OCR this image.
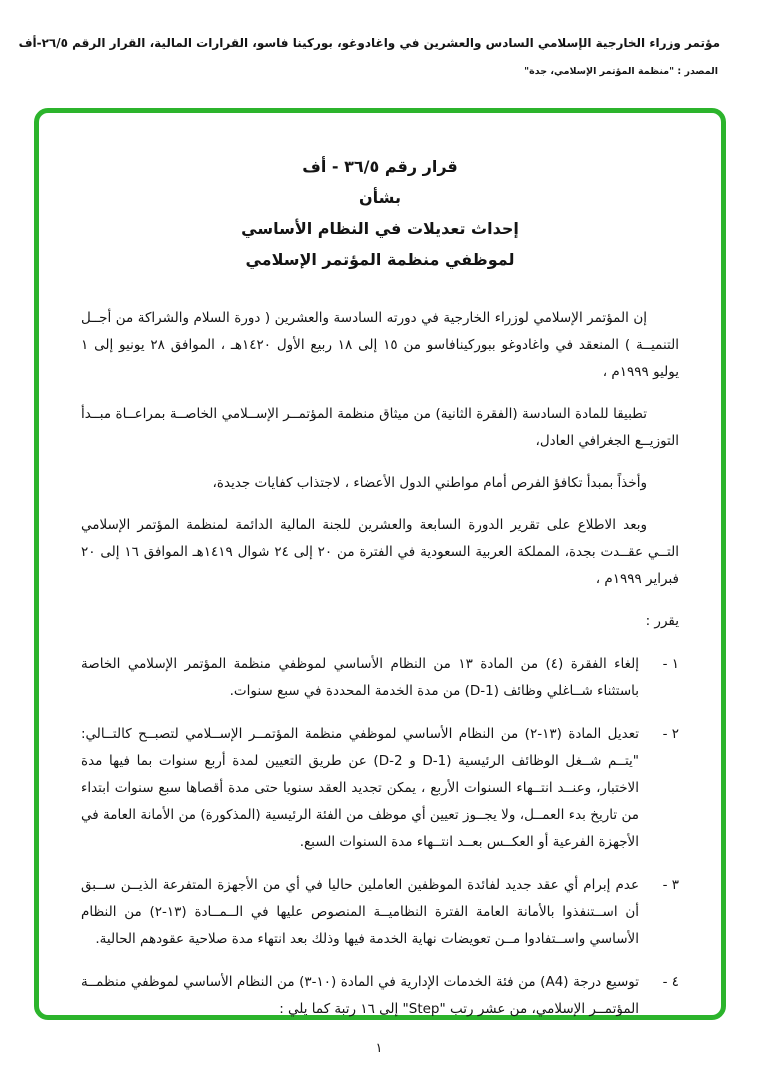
مؤتمر وزراء الخارجية الإسلامي السادس والعشرين في واغادوغو، بوركينا فاسو، القرارات المالية، القرار الرقم ٢٦/٥-أف
المصدر : "منظمة المؤتمر الإسلامي، جدة"
قرار رقم ٣٦/٥ - أف
بشأن
إحداث تعديلات في النظام الأساسي
لموظفي منظمة المؤتمر الإسلامي

إن المؤتمر الإسلامي لوزراء الخارجية في دورته السادسة والعشرين ( دورة السلام والشراكة من أجــل التنميــة ) المنعقد في واغادوغو ببوركينافاسو من ١٥ إلى ١٨ ربيع الأول ١٤٢٠هـ ، الموافق ٢٨ يونيو إلى ١ يوليو ١٩٩٩م ،

تطبيقا للمادة السادسة (الفقرة الثانية) من ميثاق منظمة المؤتمــر الإســلامي الخاصــة بمراعــاة مبــدأ التوزيــع الجغرافي العادل،

وأخذاً بمبدأ تكافؤ الفرص أمام مواطني الدول الأعضاء ، لاجتذاب كفايات جديدة،

وبعد الاطلاع على تقرير الدورة السابعة والعشرين للجنة المالية الدائمة لمنظمة المؤتمر الإسلامي التــي عقــدت بجدة، المملكة العربية السعودية في الفترة من ٢٠ إلى ٢٤ شوال ١٤١٩هـ الموافق ١٦ إلى ٢٠ فبراير ١٩٩٩م ،

يقرر :

١ -
إلغاء الفقرة (٤) من المادة ١٣ من النظام الأساسي لموظفي منظمة المؤتمر الإسلامي الخاصة باستثناء شــاغلي وظائف (D-1) من مدة الخدمة المحددة في سبع سنوات.
٢ -
تعديل المادة (١٣-٢) من النظام الأساسي لموظفي منظمة المؤتمــر الإســلامي لتصبــح كالتــالي: "يتــم شــغل الوظائف الرئيسية (D-1 و D-2) عن طريق التعيين لمدة أربع سنوات بما فيها مدة الاختبار، وعنــد انتــهاء السنوات الأربع ، يمكن تجديد العقد سنويا حتى مدة أقصاها سبع سنوات ابتداء من تاريخ بدء العمــل، ولا يجــوز تعيين أي موظف من الفئة الرئيسية (المذكورة) من الأمانة العامة في الأجهزة الفرعية أو العكــس بعــد انتــهاء مدة السنوات السبع.
٣ -
عدم إبرام أي عقد جديد لفائدة الموظفين العاملين حاليا في أي من الأجهزة المتفرعة الذيــن ســبق أن اســتنفذوا بالأمانة العامة الفترة النظاميــة المنصوص عليها في الــمــادة (١٣-٢) من النظام الأساسي واســتفادوا مــن تعويضات نهاية الخدمة فيها وذلك بعد انتهاء مدة صلاحية عقودهم الحالية.
٤ -
توسيع درجة (A4) من فئة الخدمات الإدارية في المادة (١٠-٣) من النظام الأساسي لموظفي منظمــة المؤتمــر الإسلامي، من عشر رتب "Step" إلى ١٦ رتبة كما يلي :
١
